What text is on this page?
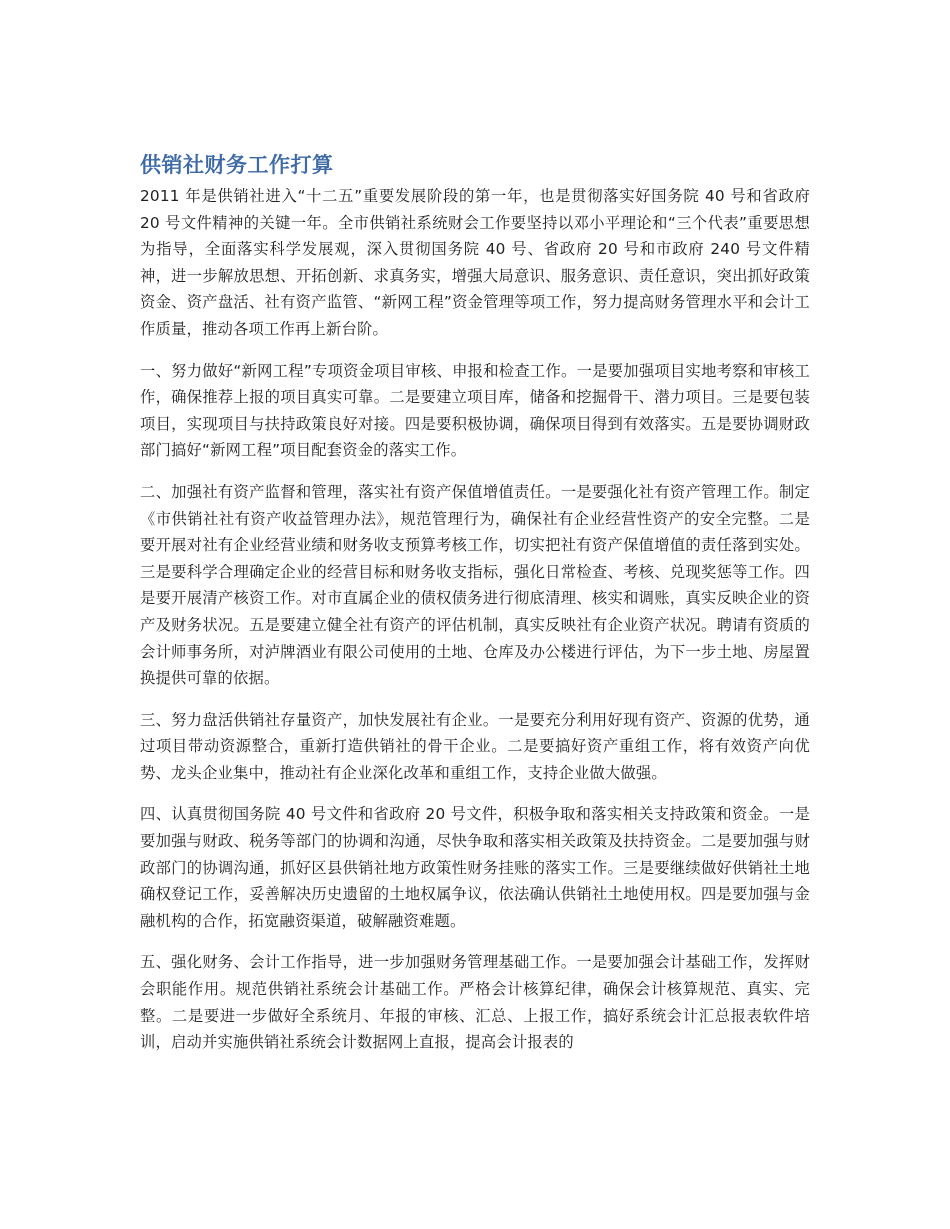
供销社财务工作打算

2011 年是供销社进入“十二五”重要发展阶段的第一年，也是贯彻落实好国务院 40 号和省政府 20 号文件精神的关键一年。全市供销社系统财会工作要坚持以邓小平理论和“三个代表”重要思想为指导，全面落实科学发展观，深入贯彻国务院 40 号、省政府 20 号和市政府 240 号文件精神，进一步解放思想、开拓创新、求真务实，增强大局意识、服务意识、责任意识，突出抓好政策资金、资产盘活、社有资产监管、“新网工程”资金管理等项工作，努力提高财务管理水平和会计工作质量，推动各项工作再上新台阶。

一、努力做好“新网工程”专项资金项目审核、申报和检查工作。一是要加强项目实地考察和审核工作，确保推荐上报的项目真实可靠。二是要建立项目库，储备和挖掘骨干、潜力项目。三是要包装项目，实现项目与扶持政策良好对接。四是要积极协调，确保项目得到有效落实。五是要协调财政部门搞好“新网工程”项目配套资金的落实工作。

二、加强社有资产监督和管理，落实社有资产保值增值责任。一是要强化社有资产管理工作。制定《市供销社社有资产收益管理办法》，规范管理行为，确保社有企业经营性资产的安全完整。二是要开展对社有企业经营业绩和财务收支预算考核工作，切实把社有资产保值增值的责任落到实处。三是要科学合理确定企业的经营目标和财务收支指标，强化日常检查、考核、兑现奖惩等工作。四是要开展清产核资工作。对市直属企业的债权债务进行彻底清理、核实和调账，真实反映企业的资产及财务状况。五是要建立健全社有资产的评估机制，真实反映社有企业资产状况。聘请有资质的会计师事务所，对泸牌酒业有限公司使用的土地、仓库及办公楼进行评估，为下一步土地、房屋置换提供可靠的依据。

三、努力盘活供销社存量资产，加快发展社有企业。一是要充分利用好现有资产、资源的优势，通过项目带动资源整合，重新打造供销社的骨干企业。二是要搞好资产重组工作，将有效资产向优势、龙头企业集中，推动社有企业深化改革和重组工作，支持企业做大做强。

四、认真贯彻国务院 40 号文件和省政府 20 号文件，积极争取和落实相关支持政策和资金。一是要加强与财政、税务等部门的协调和沟通，尽快争取和落实相关政策及扶持资金。二是要加强与财政部门的协调沟通，抓好区县供销社地方政策性财务挂账的落实工作。三是要继续做好供销社土地确权登记工作，妥善解决历史遗留的土地权属争议，依法确认供销社土地使用权。四是要加强与金融机构的合作，拓宽融资渠道，破解融资难题。

五、强化财务、会计工作指导，进一步加强财务管理基础工作。一是要加强会计基础工作，发挥财会职能作用。规范供销社系统会计基础工作。严格会计核算纪律，确保会计核算规范、真实、完整。二是要进一步做好全系统月、年报的审核、汇总、上报工作，搞好系统会计汇总报表软件培训，启动并实施供销社系统会计数据网上直报，提高会计报表的
